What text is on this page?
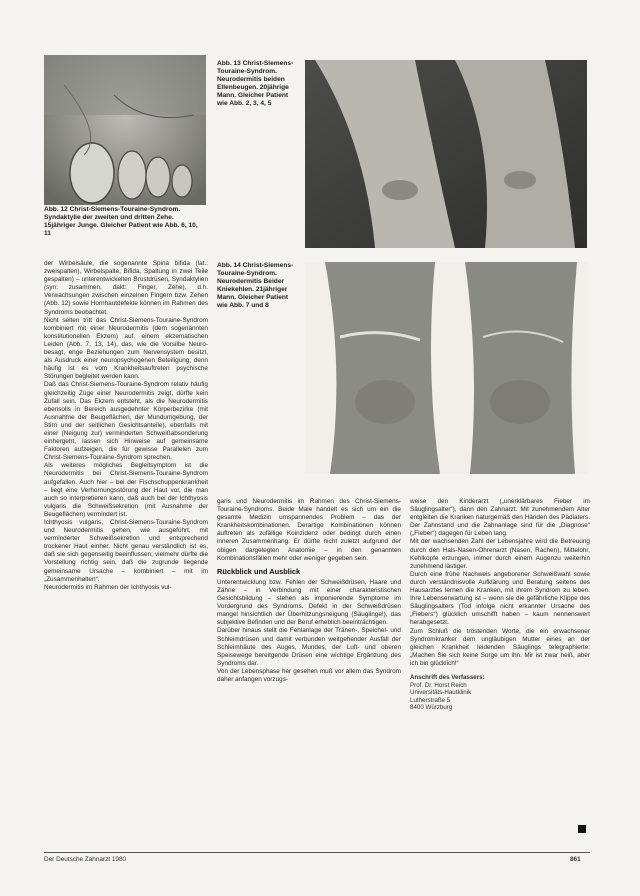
Abb. 12 Christ-Siemens-Touraine-Syndrom. Syndaktylie der zweiten und dritten Zehe. 15jähriger Junge. Gleicher Patient wie Abb. 6, 10, 11
Abb. 13 Christ-Siemens-Touraine-Syndrom. Neurodermitis beiden Ellenbeugen. 20jährige Mann. Gleicher Patient wie Abb. 2, 3, 4, 5
Abb. 14 Christ-Siemens-Touraine-Syndrom. Neurodermitis Beider Kniekehlen. 21jähriger Mann. Gleicher Patient wie Abb. 7 und 8

der Wirbelsäule, die sogenannte Spina bifida (lat.: zweispalten), Wirbelspalte, Bifida, Spaltung in zwei Teile gespalten) – unterentwickelten Brustdrüsen, Syndaktylien (syn: zusammen, dakt: Finger, Zehe), d.h. Verwachsungen zwischen einzelnen Fingern bzw. Zehen (Abb. 12) sowie Hornhautdefekte können im Rahmen des Syndroms beobachtet.

Nicht selten tritt das Christ-Siemens-Touraine-Syndrom kombiniert mit einer Neurodermitis (dem sogenannten konstitutionellen Ekzem) auf, einem ekzematischen Leiden (Abb. 7, 13, 14), das, wie die Vorsilbe Neuro- besagt, enge Beziehungen zum Nervensystem besitzt, als Ausdruck einer neuropsychogenen Beteiligung; denn häufig ist es vom Krankheitsauftreten psychische Störungen begleitet werden kann.

Daß das Christ-Siemens-Touraine-Syndrom relativ häufig gleichzeitig Züge einer Neurodermitis zeigt, dürfte kein Zufall sein. Das Ekzem entsteht, als die Neurodermitis ebensolls in Bereich ausgedehnter Körperbezirke (mit Ausnahme der Beugeflächen, der Mundumgebung, der Stirn und der seitlichen Gesichtsanteile), ebenfalls mit einer (Neigung zur) verminderten Schweißabsonderung einhergeht, lassen sich Hinweise auf gemeinsame Faktoren aufzeigen, die für gewisse Parallelen zum Christ-Siemens-Touraine-Syndrom sprechen.

Als weiteres mögliches Begleitsymptom ist die Neurodermitis bei Christ-Siemens-Touraine-Syndrom aufgefallen. Auch hier – bei der Fischschuppenkrankheit – liegt eine Verhornungsstörung der Haut vor, die man auch so interpretieren kann, daß auch bei der Ichthyosis vulgaris die Schweißsekretion (mit Ausnahme der Beugeflächen) vermindert ist.

Ichthyosis vulgaris, Christ-Siemens-Touraine-Syndrom und Neurodermitis gehen, wie ausgeführt, mit verminderter Schweißsekretion und entsprechend trockener Haut einher. Nicht genau verständlich ist es, daß sie sich gegenseitig beeinflussen; vielmehr dürfte die Vorstellung richtig sein, daß die zugrunde liegende gemeinsame Ursache – kombiniert – mit im „Zusammenhalten“.

Neurodermitis im Rahmen der Ichthyosis vul-

garis und Neurodermitis im Rahmen des Christ-Siemens-Touraine-Syndroms. Beide Male handelt es sich um ein die gesamte Medizin umspannendes Problem – das der Krankheitskombinationen. Derartige Kombinationen können auftreten als zufällige Koinzidenz oder bedingt durch einen inneren Zusammenhang. Er dürfte nicht zuletzt aufgrund der obigen dargelegten Anatomie – in den genannten Kombinationsfällen mehr oder weniger gegeben sein.

Rückblick und Ausblick

Unterentwicklung bzw. Fehlen der Schweißdrüsen, Haare und Zähne – in Verbindung mit einer charakteristischen Gesichtsbildung – stehen als imponierende Symptome im Vordergrund des Syndroms. Defekt in der Schweißdrüsen mangel hinsichtlich der Überhitzungsneigung (Säuglinge!), das subjektive Befinden und der Beruf erheblich beeinträchtigen.

Darüber hinaus stellt die Fehlanlage der Tränen-, Speichel- und Schleimdrüsen und damit verbunden weitgehender Ausfall der Schleimhäute des Auges, Mundes, der Luft- und oberen Speisewege bereitgende Drüsen eine wichtige Ergänzung des Syndroms dar.

Von der Lebensphase her gesehen muß vor allem das Syndrom daher anfangen vorzugs-

weise den Kinderarzt („unerklärbares Fieber im Säuglingsalter“), dann den Zahnarzt. Mit zunehmendem Alter entgleiten die Kranken naturgemäß den Händen des Pädiaters. Der Zahnstand und die Zahnanlage sind für die „Diagnose“ („Fieber“) dagegen für Leben lang.

Mit der wachsenden Zahl der Lebensjahre wird die Betreuung durch den Hals-Nasen-Ohrenarzt (Nasen, Rachen), Mittelohr, Kehlkopfe erzungen, immer durch einem Augenzu weiterhin zunehmend lästiger.

Durch eine frühe Nachweis angeborener Schweißwahl sowie durch verständnisvolle Aufklärung und Beratung seitens des Hausarztes lernen die Kranken, mit ihrem Syndrom zu leben. Ihre Lebenserwartung ist – wenn sie die gefährliche Klippe des Säuglingsalters (Tod infolge nicht erkannter Ursache des „Fiebers“) glücklich umschifft haben – kaum nennenswert herabgesetzt.

Zum Schluß die tröstenden Worte, die ein erwachsener Syndromkranker dem ungläubigen Mutter eines an der gleichen Krankheit leidenden Säuglings telegraphierte: „Machen Sie sich keine Sorge um ihn. Mir ist zwar heiß, aber ich bin glücklich!“

Anschrift des Verfassers:
Prof. Dr. Horst Reich
Universitäts-Hautklinik
Lutherstraße 5
8400 Würzburg
Der Deutsche Zahnarzt 1980	861
